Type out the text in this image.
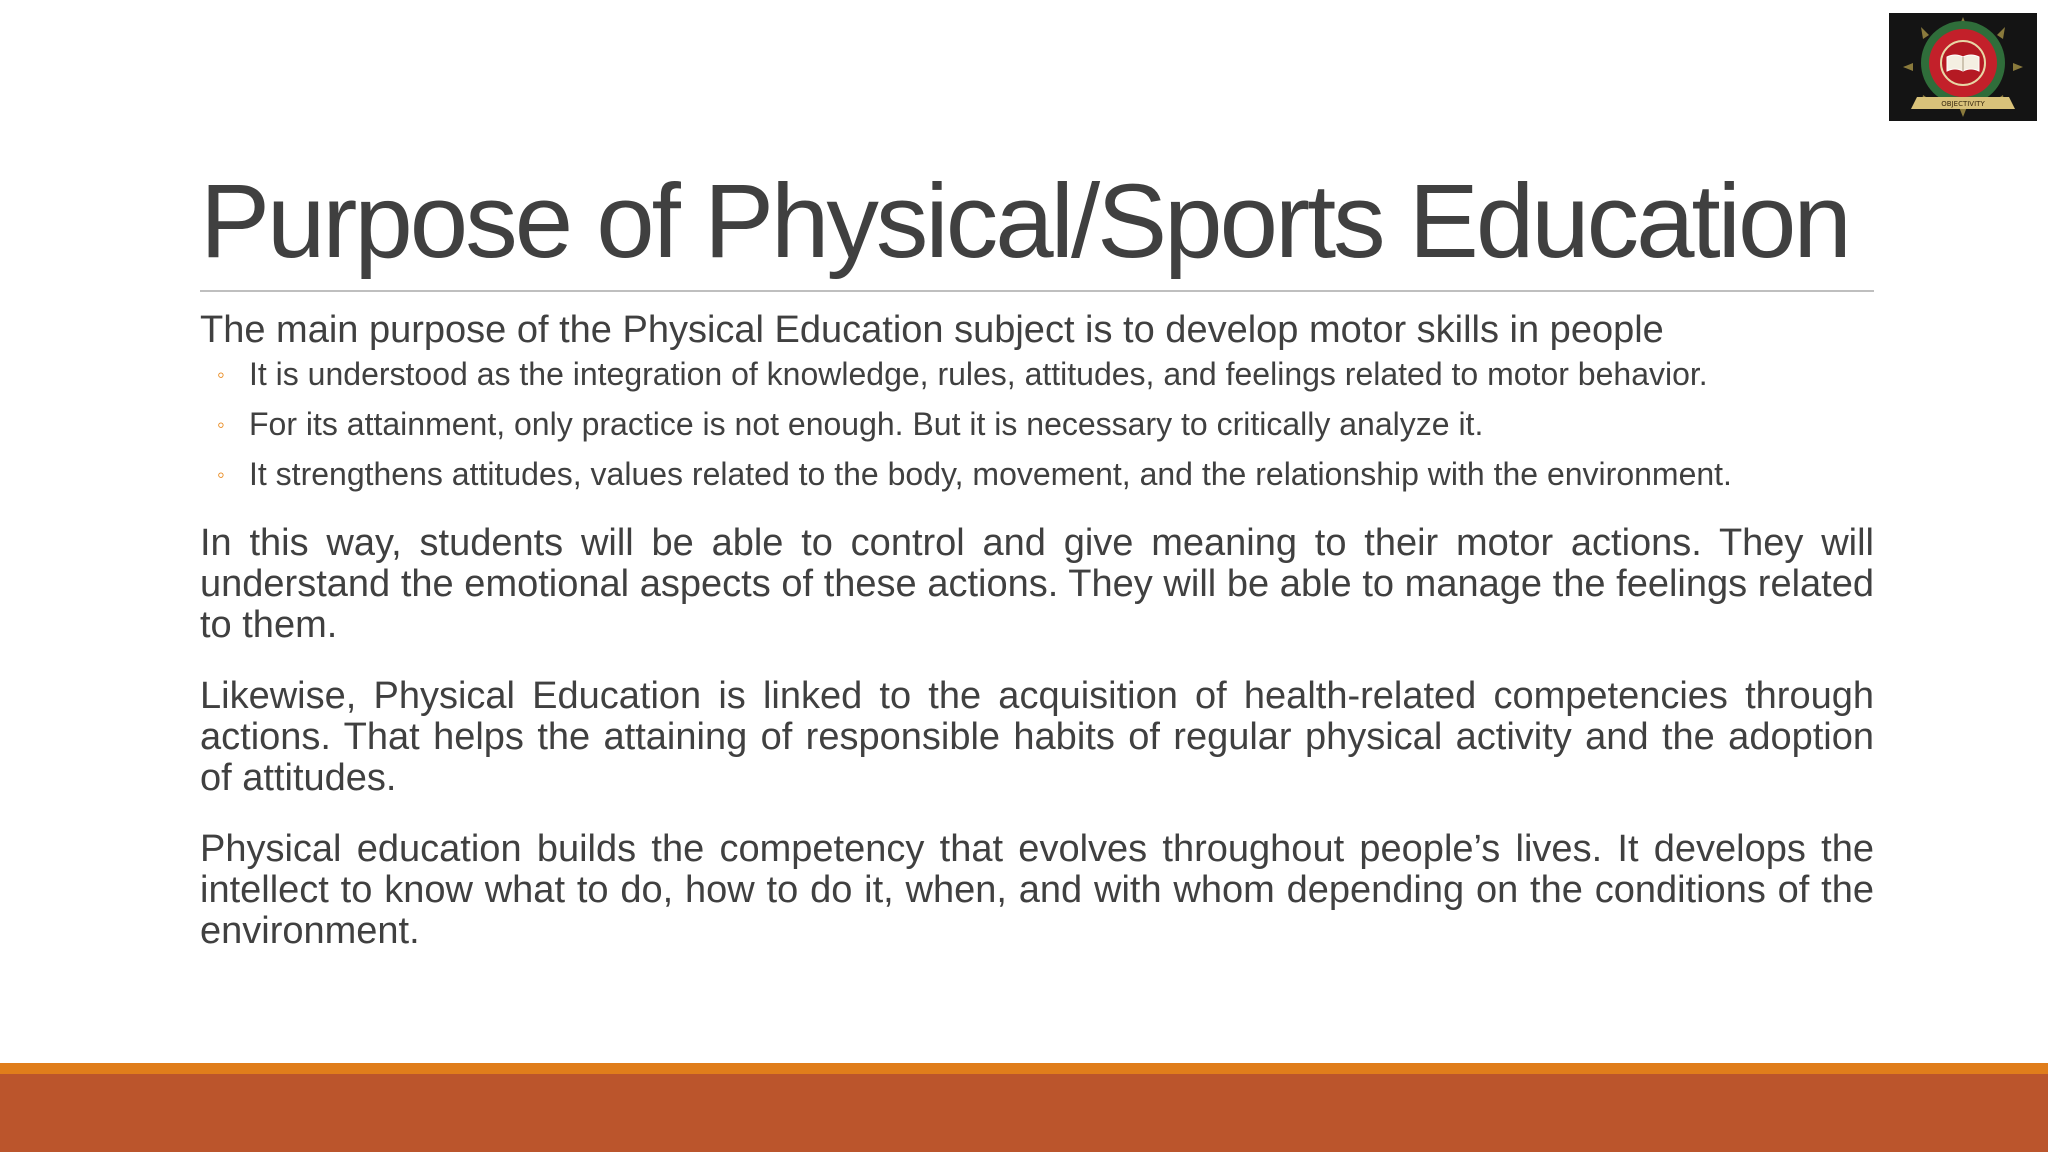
OBJECTIVITY
Purpose of Physical/Sports Education

The main purpose of the Physical Education subject is to develop motor skills in people

◦ It is understood as the integration of knowledge, rules, attitudes, and feelings related to motor behavior.
◦ For its attainment, only practice is not enough. But it is necessary to critically analyze it.
◦ It strengthens attitudes, values related to the body, movement, and the relationship with the environment.

In this way, students will be able to control and give meaning to their motor actions. They will understand the emotional aspects of these actions. They will be able to manage the feelings related to them.

Likewise, Physical Education is linked to the acquisition of health-related competencies through actions. That helps the attaining of responsible habits of regular physical activity and the adoption of attitudes.

Physical education builds the competency that evolves throughout people’s lives. It develops the intellect to know what to do, how to do it, when, and with whom depending on the conditions of the environment.
